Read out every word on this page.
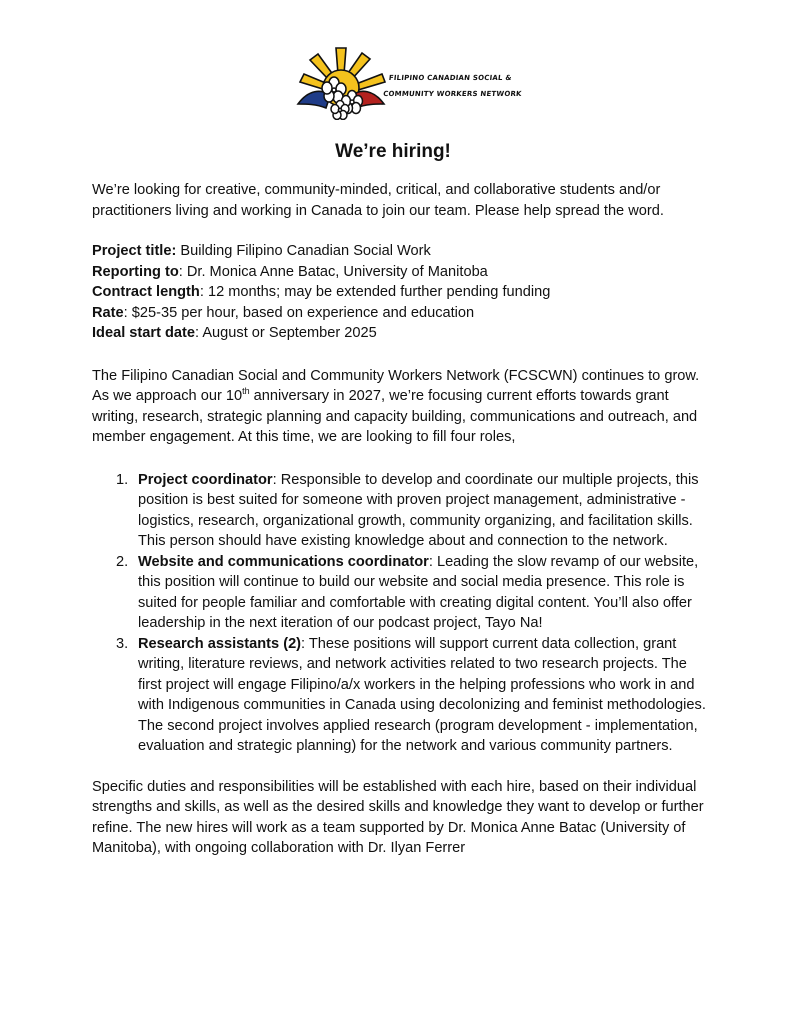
FILIPINO CANADIAN SOCIAL &
COMMUNITY WORKERS NETWORK
We’re hiring!

We’re looking for creative, community-minded, critical, and collaborative students and/or practitioners living and working in Canada to join our team. Please help spread the word.

Project title: Building Filipino Canadian Social Work
Reporting to: Dr. Monica Anne Batac, University of Manitoba
Contract length: 12 months; may be extended further pending funding
Rate: $25-35 per hour, based on experience and education
Ideal start date: August or September 2025

The Filipino Canadian Social and Community Workers Network (FCSCWN) continues to grow. As we approach our 10th anniversary in 2027, we’re focusing current efforts towards grant writing, research, strategic planning and capacity building, communications and outreach, and member engagement. At this time, we are looking to fill four roles,

1. Project coordinator: Responsible to develop and coordinate our multiple projects, this position is best suited for someone with proven project management, administrative - logistics, research, organizational growth, community organizing, and facilitation skills. This person should have existing knowledge about and connection to the network.
2. Website and communications coordinator: Leading the slow revamp of our website, this position will continue to build our website and social media presence. This role is suited for people familiar and comfortable with creating digital content. You’ll also offer leadership in the next iteration of our podcast project, Tayo Na!
3. Research assistants (2): These positions will support current data collection, grant writing, literature reviews, and network activities related to two research projects. The first project will engage Filipino/a/x workers in the helping professions who work in and with Indigenous communities in Canada using decolonizing and feminist methodologies. The second project involves applied research (program development - implementation, evaluation and strategic planning) for the network and various community partners.

Specific duties and responsibilities will be established with each hire, based on their individual strengths and skills, as well as the desired skills and knowledge they want to develop or further refine. The new hires will work as a team supported by Dr. Monica Anne Batac (University of Manitoba), with ongoing collaboration with Dr. Ilyan Ferrer
